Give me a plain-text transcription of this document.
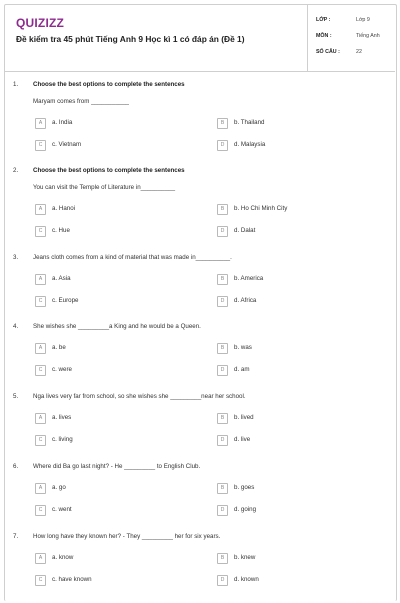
QUIZIZZ
Đề kiểm tra 45 phút Tiếng Anh 9 Học kì 1 có đáp án (Đề 1)
LỚP :	Lớp 9
MÔN :	Tiếng Anh
SỐ CÂU :	22
1. Choose the best options to complete the sentences
Maryam comes from ___________
A	a. India	B	b. Thailand
C	c. Vietnam	D	d. Malaysia
2. Choose the best options to complete the sentences
You can visit the Temple of Literature in__________
A	a. Hanoi	B	b. Ho Chi Minh City
C	c. Hue	D	d. Dalat
3. Jeans cloth comes from a kind of material that was made in__________.
A	a. Asia	B	b. America
C	c. Europe	D	d. Africa
4. She wishes she _________a King and he would be a Queen.
A	a. be	B	b. was
C	c. were	D	d. am
5. Nga lives very far from school, so she wishes she _________near her school.
A	a. lives	B	b. lived
C	c. living	D	d. live
6. Where did Ba go last night? - He _________ to English Club.
A	a. go	B	b. goes
C	c. went	D	d. going
7. How long have they known her? - They _________ her for six years.
A	a. know	B	b. knew
C	c. have known	D	d. known
